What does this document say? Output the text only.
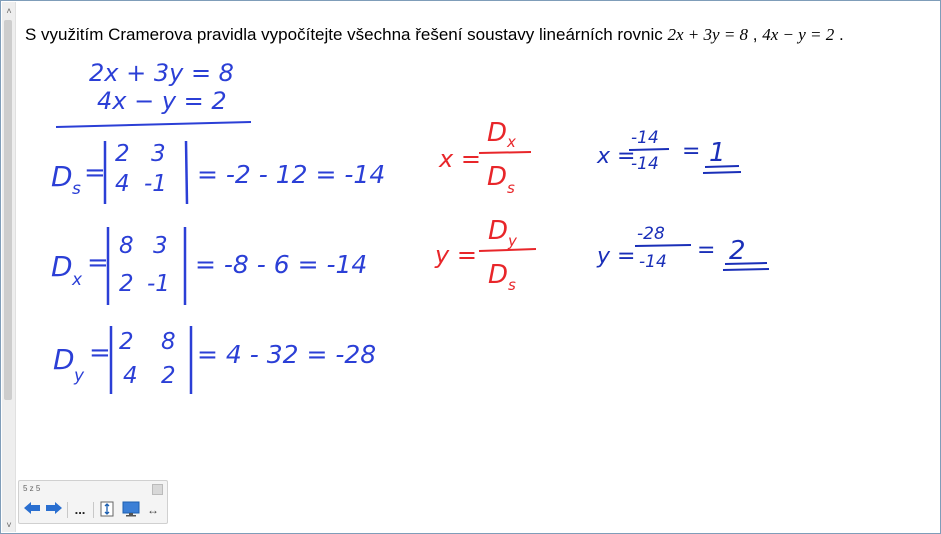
˄
˅
S využitím Cramerova pravidla vypočítejte všechna řešení soustavy lineárních rovnic 2x + 3y = 8 , 4x − y = 2 .
2x + 3y = 8
4x − y = 2
D s
=
2 3
4 -1 = -2 - 12 = -14
D x
=
8 3
2 -1
= -8 - 6 = -14
D y
= 2 8
4 2
= 4 - 32 = -28
x =
D x
D s
y =
D y
D s
x =
-14
-14 = 1
y =
-28
-14 = 2
5 z 5
...	↔
